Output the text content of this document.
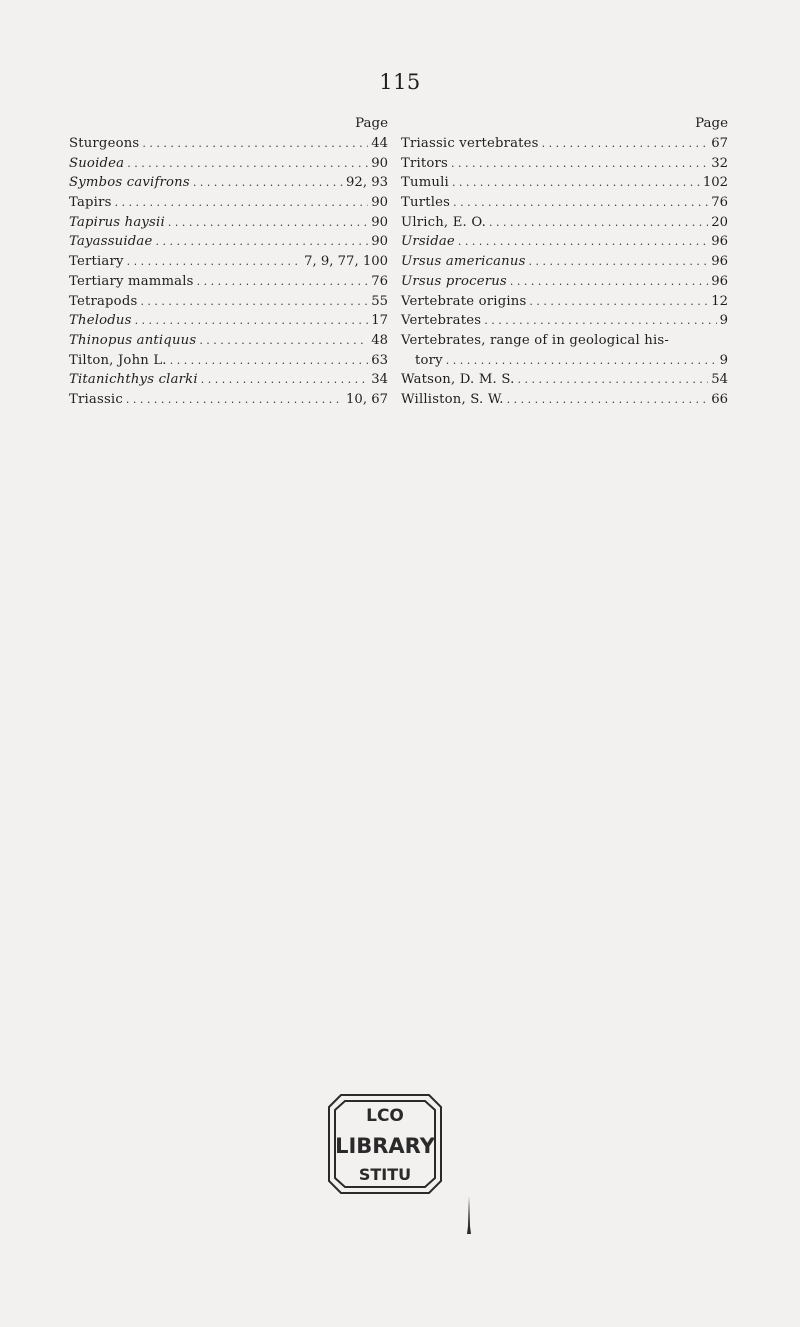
115
Page
Sturgeons . . .	44
Suoidea . . .	90
Symbos cavifrons . . .	92, 93
Tapirs . . .	90
Tapirus haysii . . .	90
Tayassuidae . . .	90
Tertiary . . .	7, 9, 77, 100
Tertiary mammals . . .	76
Tetrapods . . .	55
Thelodus . . .	17
Thinopus antiquus . . .	48
Tilton, John L. . . .	63
Titanichthys clarki . . .	34
Triassic . . .	10, 67
Page
Triassic vertebrates . . .	67
Tritors . . .	32
Tumuli . . .	102
Turtles . . .	76
Ulrich, E. O. . . .	20
Ursidae . . .	96
Ursus americanus . . .	96
Ursus procerus . . .	96
Vertebrate origins . . .	12
Vertebrates . . .	9
Vertebrates, range of in geological his-
tory . . .	9
Watson, D. M. S. . . .	54
Williston, S. W. . . .	66
LCO
LIBRARY
STITU
